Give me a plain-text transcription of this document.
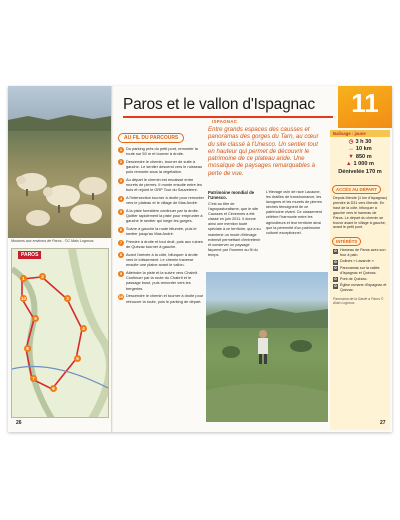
Moutons aux environs de Paros - ©C.Malo Lognous
PAROS
1	2
3
4
5
6
7
8
9
10
26
Paros et le vallon d'Ispagnac	11
ISPAGNAC
AU FIL DU PARCOURS
1 Du parking près du petit pont, remonter la route sur 50 m et tourner à droite.
2 Descendre le chemin, tourner de suite à gauche. Le sentier descend vers le ruisseau puis remonte sous la végétation.
3 Au départ le chemin est encaissé entre murets de pierres. Il monte ensuite entre les buis et rejoint le GRP Tour du Sauveterre.
4 A l'intersection tourner à droite pour remonter vers le plateau et le village de Mas André.
5 A la piste forestière continuer par la droite. Quitter rapidement la piste pour emprunter à gauche le sentier qui longe les gorges.
6 Suivre à gauche la route bitumée, puis le sentier jusqu'au Mas André.
7 Prendre à droite et tout droit, puis aux ruines de Quézac tourner à gauche.
8 Avant l'arrivée à la côte, bifurquer à droite vers le lotissement. Le chemin traverse ensuite une plaine avant le vallon.
9 Atteindre la piste et la suivre vers Chabrit. Continuer par la route du Chabrit et le passage busé, puis remonter vers les bergeries.
10 Descendre le chemin et tourner à droite pour retrouver la route, puis le parking de départ.
Entre grands espaces des causses et panoramas des gorges du Tarn, au cœur du site classé à l'Unesco. Un sentier tout en hauteur qui permet de découvrir le patrimoine de ce plateau aride. Une mosaïque de paysages remarquables à perte de vue.
Patrimoine mondial de l'Unesco.
C'est au titre de l'agropastoralisme, que le site Causses et Cévennes a été classé en juin 2011. Il donne ainsi une mention toute spéciale à ce territoire, qui a su maintenir un mode d'élevage extensif permettant d'entretenir et conserver un paysage façonné par l'homme au fil du temps.
L'élevage ovin de race Lacaune, les drailles de transhumance, les lavognes et les murets de pierres sèches témoignent de ce patrimoine vivant. Ce classement célèbre l'harmonie entre les agriculteurs et leur territoire ainsi que la pérennité d'un patrimoine culturel exceptionnel.
Balisage : jaune
◷ 3 h 30
↔ 10 km
▼ 850 m
▲ 1 000 m
Dénivelée 170 m
ACCÈS AU DÉPART
Depuis Mende (1 km d'Ispagnac) prendre la D31 vers Mende. En haut de la côte, bifurquer à gauche vers le hameau de Paros. Le départ du chemin se trouve avant le village à gauche, avant le petit pont.
INTÉRÊTS
✿ Hameau de Paros avec son four à pain.
✿ Dolines « Lavande ».
✿ Panoramas sur la vallée d'Ispagnac et Quézac.
✿ Pont de Quézac.
✿ Église romane d'Ispagnac et Quézac.
Panorama de la Garde à Paros © Alain Lognous
27
